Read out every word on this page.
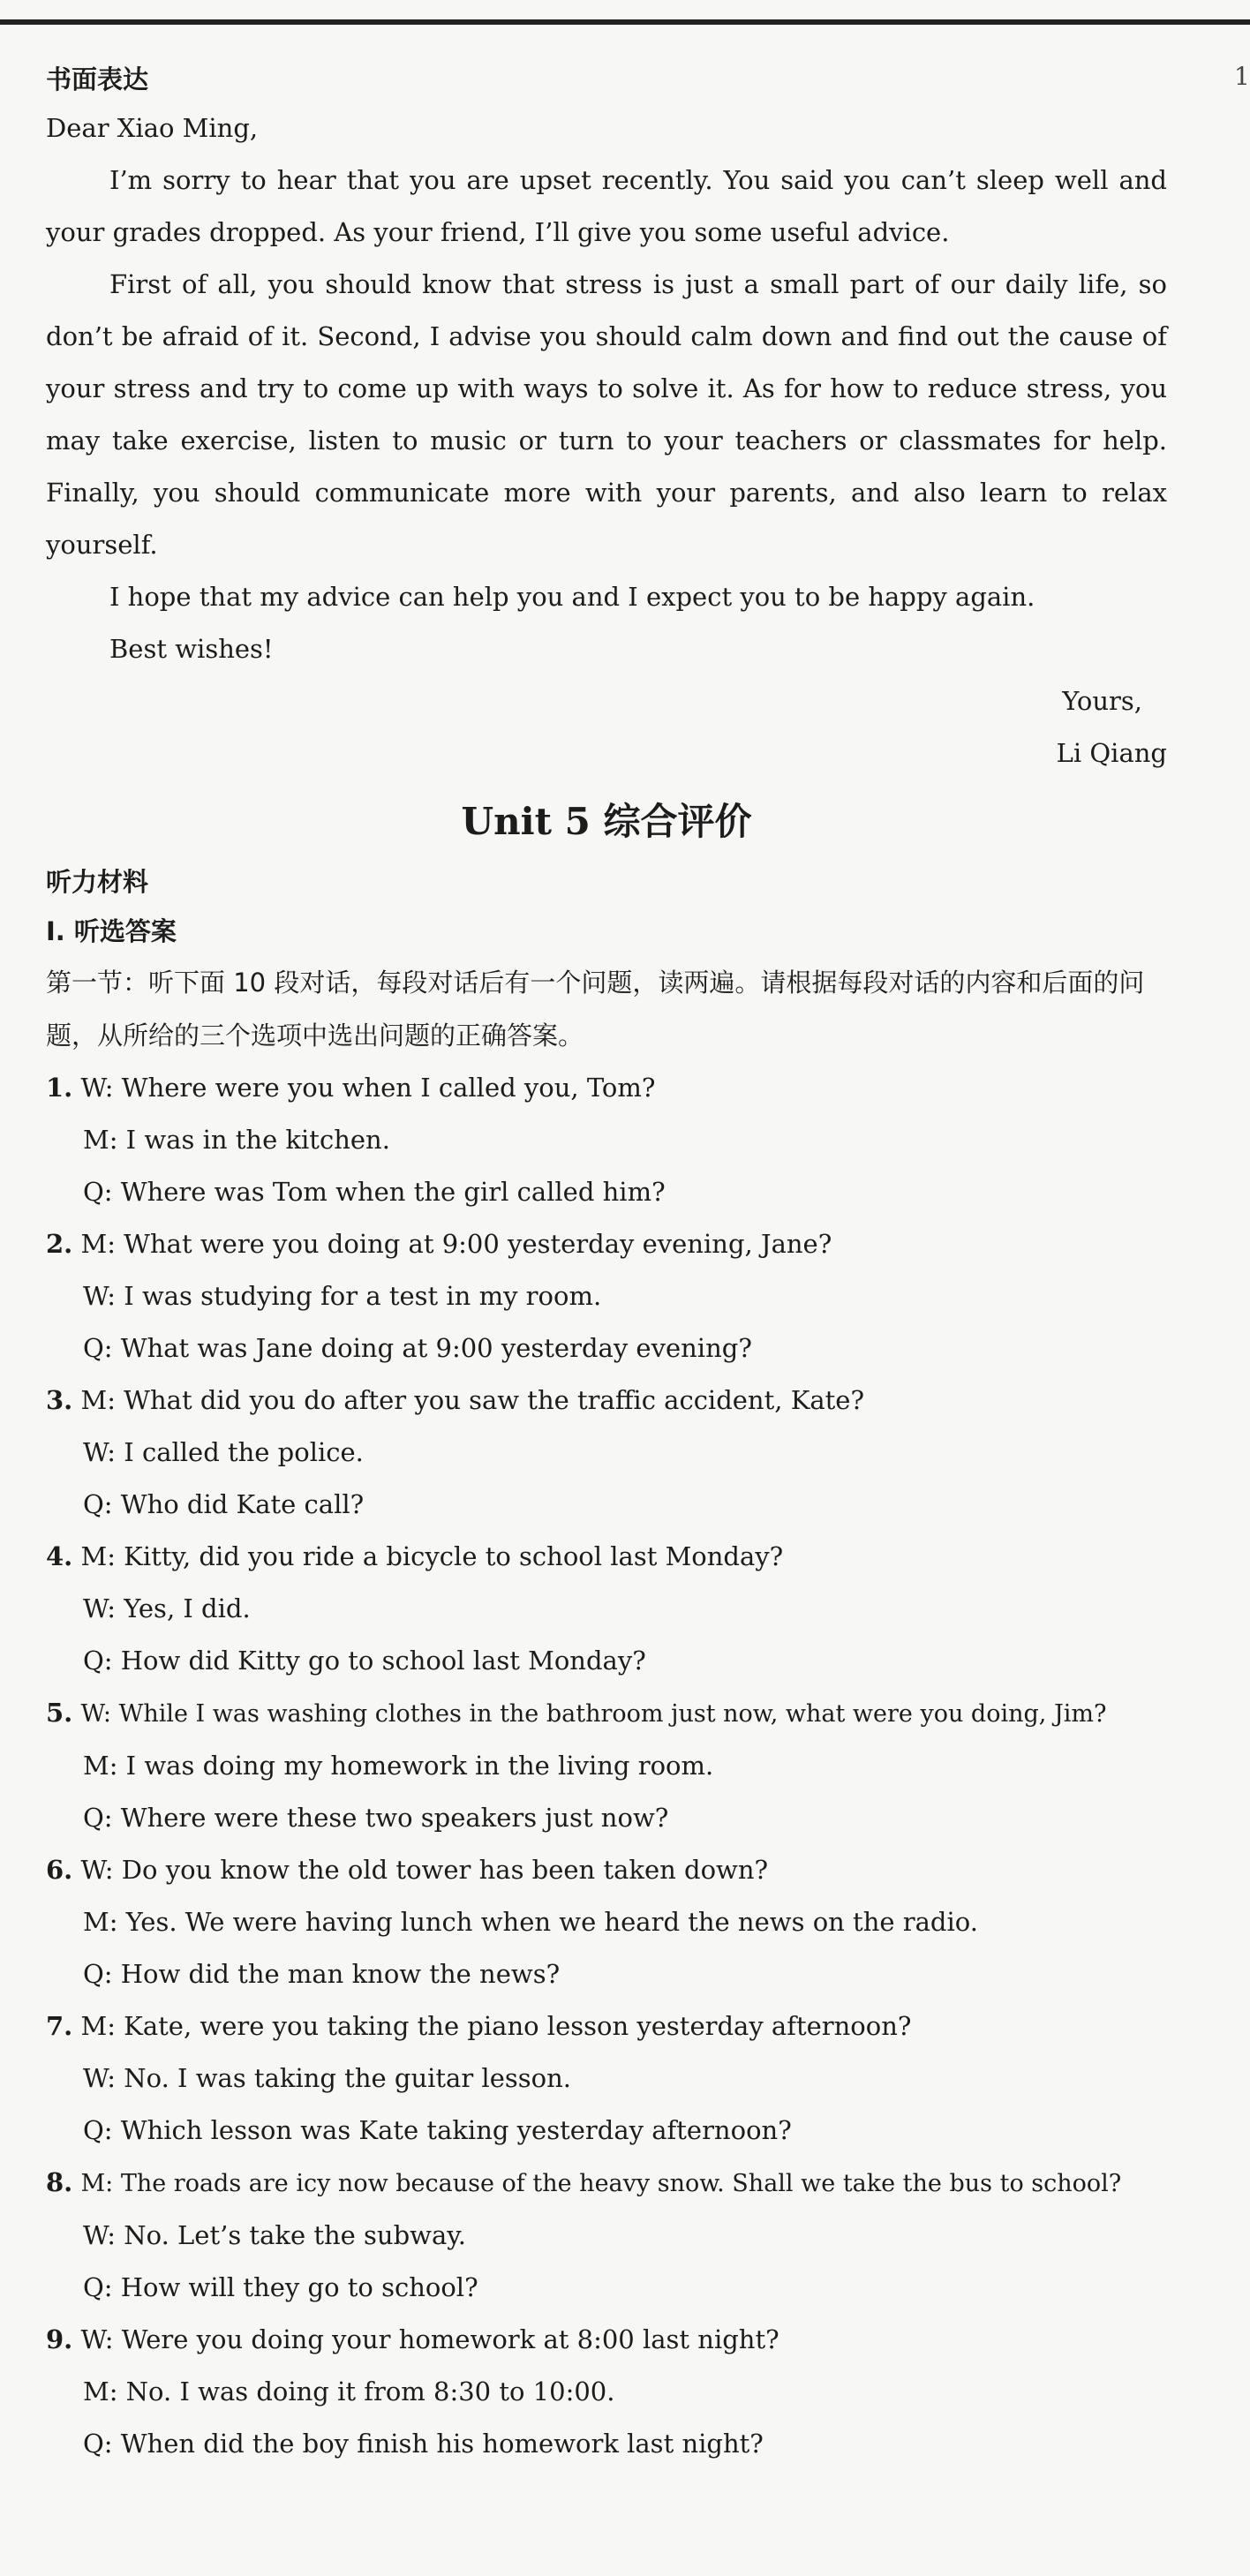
1

书面表达

Dear Xiao Ming,

I’m sorry to hear that you are upset recently. You said you can’t sleep well and your grades dropped. As your friend, I’ll give you some useful advice.

First of all, you should know that stress is just a small part of our daily life, so don’t be afraid of it. Second, I advise you should calm down and find out the cause of your stress and try to come up with ways to solve it. As for how to reduce stress, you may take exercise, listen to music or turn to your teachers or classmates for help. Finally, you should communicate more with your parents, and also learn to relax yourself.

I hope that my advice can help you and I expect you to be happy again.

Best wishes!

Yours,

Li Qiang

Unit 5 综合评价

听力材料

Ⅰ. 听选答案

第一节：听下面 10 段对话，每段对话后有一个问题，读两遍。请根据每段对话的内容和后面的问题，从所给的三个选项中选出问题的正确答案。

1. W: Where were you when I called you, Tom?

M: I was in the kitchen.

Q: Where was Tom when the girl called him?

2. M: What were you doing at 9:00 yesterday evening, Jane?

W: I was studying for a test in my room.

Q: What was Jane doing at 9:00 yesterday evening?

3. M: What did you do after you saw the traffic accident, Kate?

W: I called the police.

Q: Who did Kate call?

4. M: Kitty, did you ride a bicycle to school last Monday?

W: Yes, I did.

Q: How did Kitty go to school last Monday?

5. W: While I was washing clothes in the bathroom just now, what were you doing, Jim?

M: I was doing my homework in the living room.

Q: Where were these two speakers just now?

6. W: Do you know the old tower has been taken down?

M: Yes. We were having lunch when we heard the news on the radio.

Q: How did the man know the news?

7. M: Kate, were you taking the piano lesson yesterday afternoon?

W: No. I was taking the guitar lesson.

Q: Which lesson was Kate taking yesterday afternoon?

8. M: The roads are icy now because of the heavy snow. Shall we take the bus to school?

W: No. Let’s take the subway.

Q: How will they go to school?

9. W: Were you doing your homework at 8:00 last night?

M: No. I was doing it from 8:30 to 10:00.

Q: When did the boy finish his homework last night?
